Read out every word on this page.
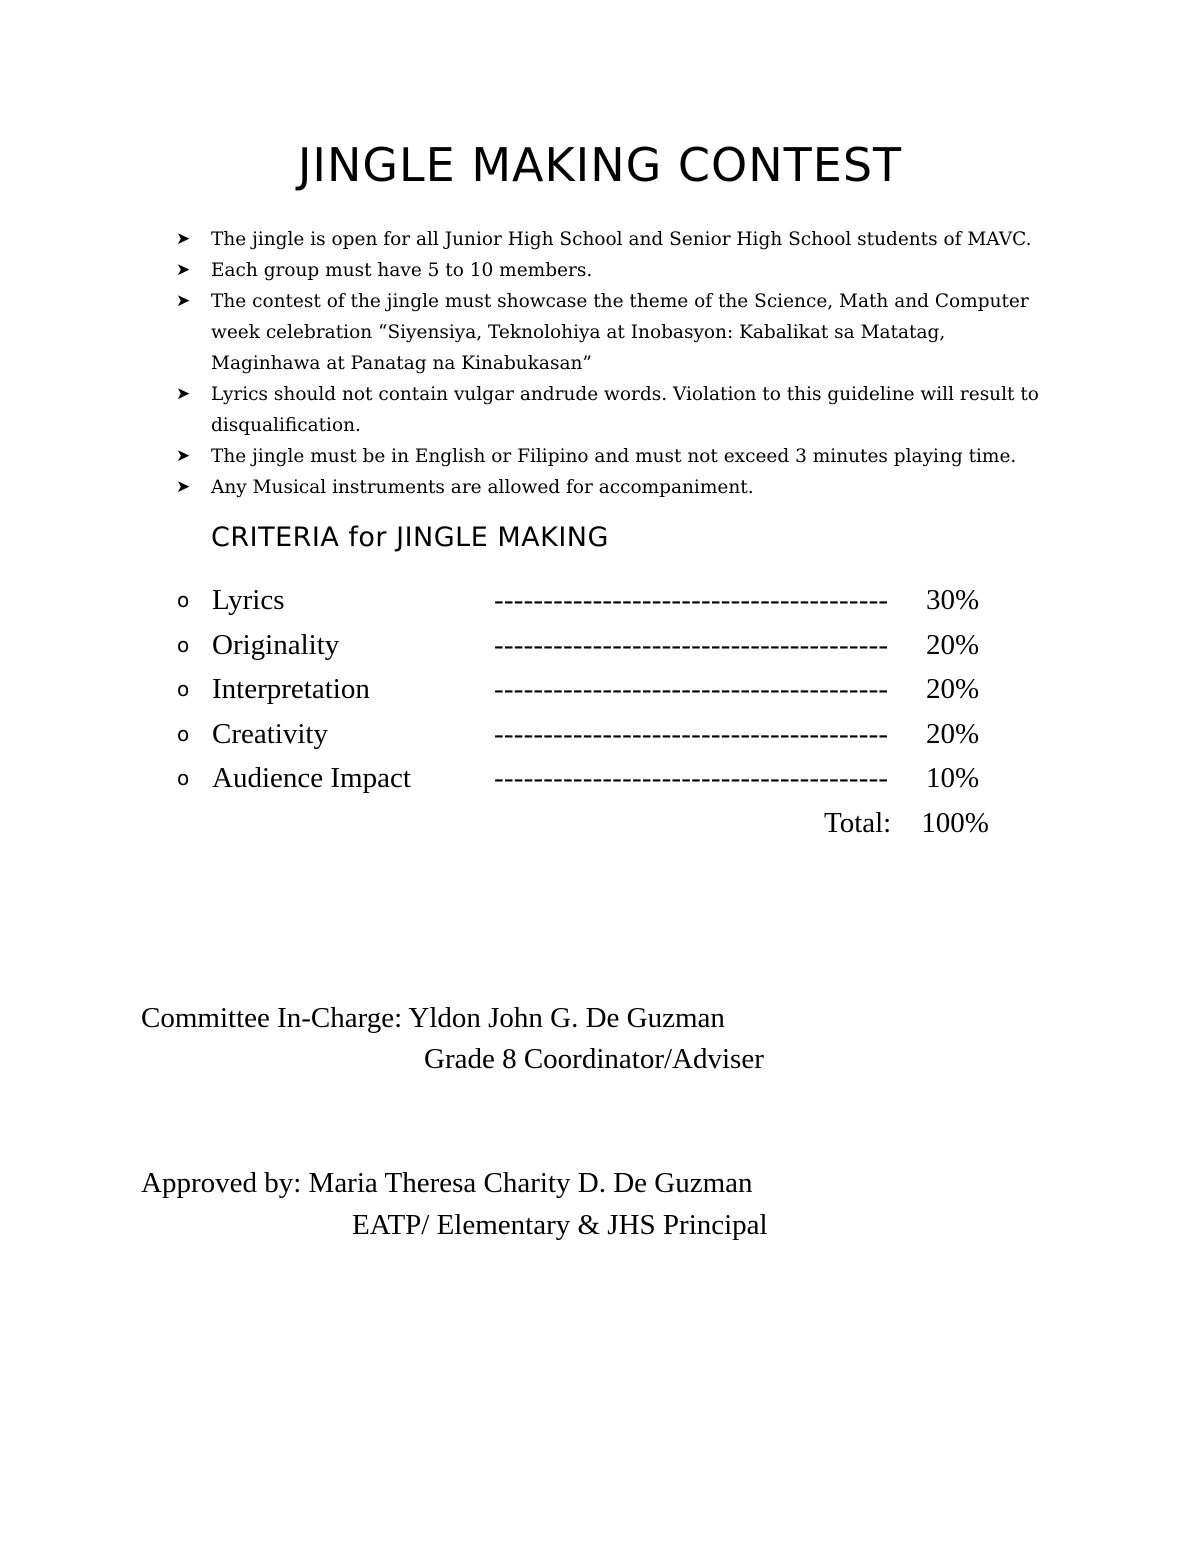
JINGLE MAKING CONTEST
➤ The jingle is open for all Junior High School and Senior High School students of MAVC.
➤ Each group must have 5 to 10 members.
➤ The contest of the jingle must showcase the theme of the Science, Math and Computer
week celebration “Siyensiya, Teknolohiya at Inobasyon: Kabalikat sa Matatag,
Maginhawa at Panatag na Kinabukasan”
➤ Lyrics should not contain vulgar andrude words. Violation to this guideline will result to
disqualification.
➤ The jingle must be in English or Filipino and must not exceed 3 minutes playing time.
➤ Any Musical instruments are allowed for accompaniment.
CRITERIA for JINGLE MAKING
o Lyrics	---------------------------------------- 30%
o Originality	---------------------------------------- 20%
o Interpretation	---------------------------------------- 20%
o Creativity	---------------------------------------- 20%
o Audience Impact	---------------------------------------- 10%
Total: 100%
Committee In-Charge: Yldon John G. De Guzman
Grade 8 Coordinator/Adviser
Approved by: Maria Theresa Charity D. De Guzman
EATP/ Elementary & JHS Principal
